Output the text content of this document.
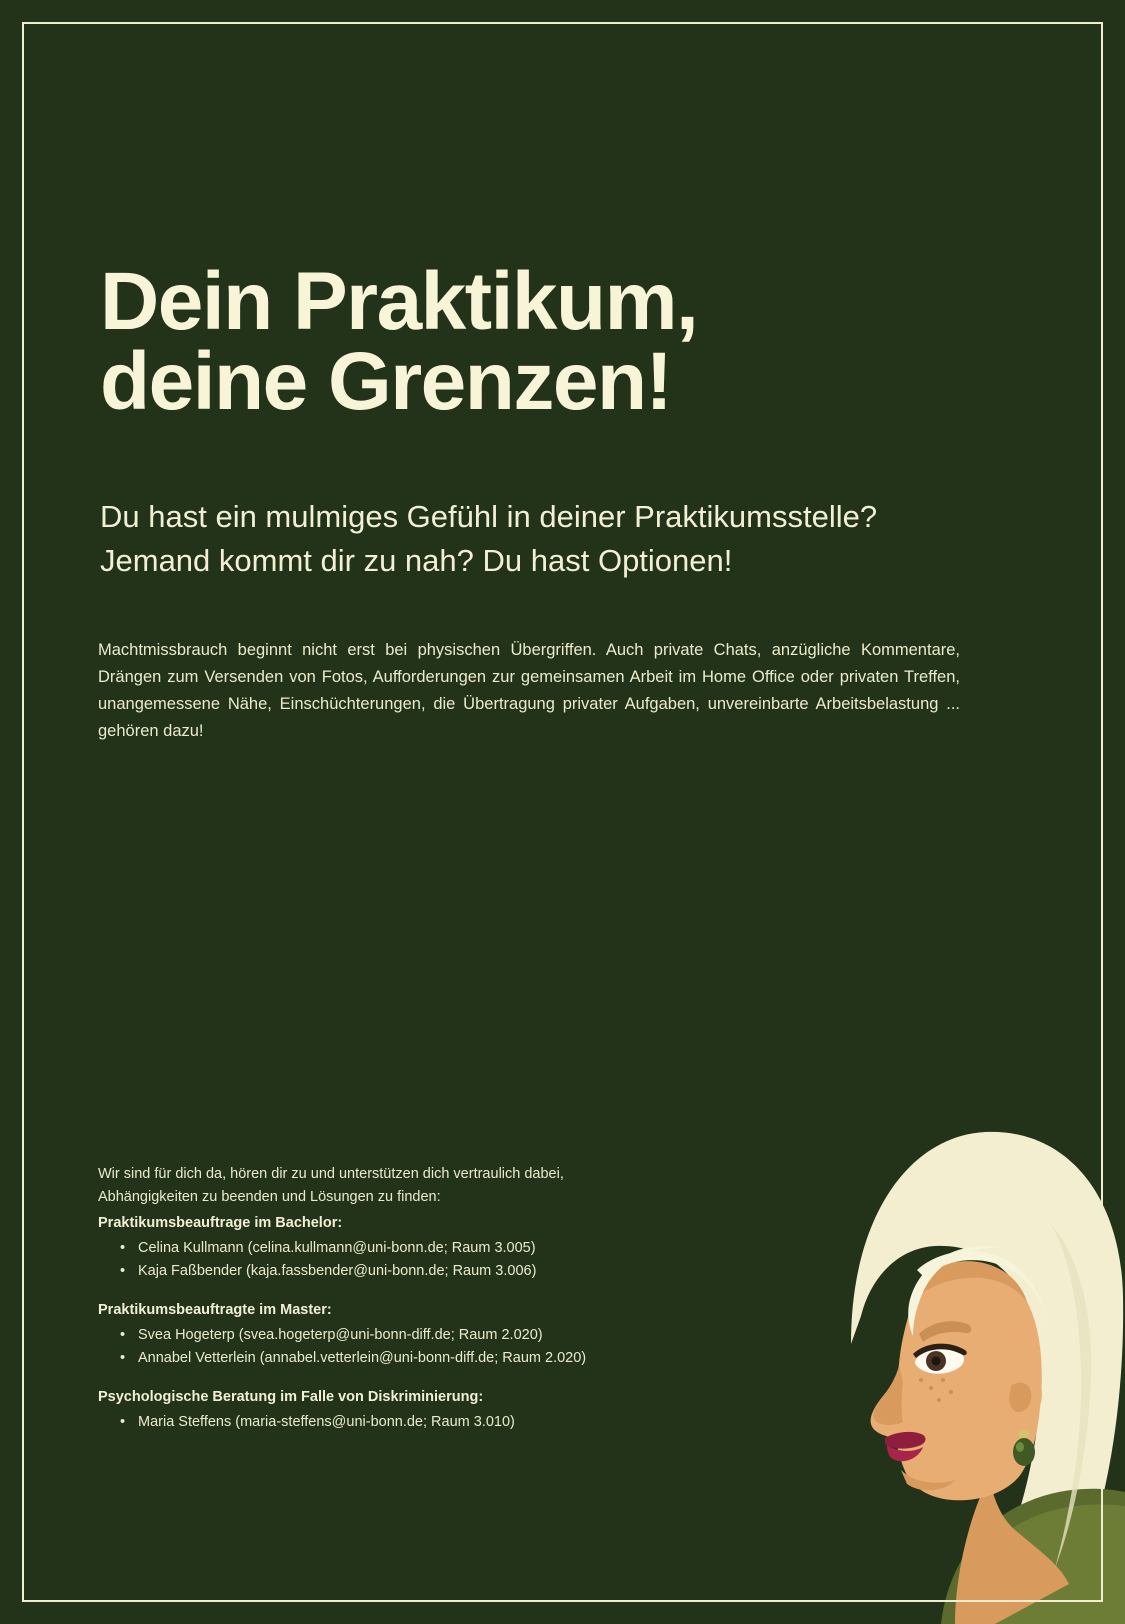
Dein Praktikum,
deine Grenzen!
Du hast ein mulmiges Gefühl in deiner Praktikumsstelle?
Jemand kommt dir zu nah? Du hast Optionen!

Machtmissbrauch beginnt nicht erst bei physischen Übergriffen. Auch private Chats, anzügliche Kommentare, Drängen zum Versenden von Fotos, Aufforderungen zur gemeinsamen Arbeit im Home Office oder privaten Treffen, unangemessene Nähe, Einschüchterungen, die Übertragung privater Aufgaben, unvereinbarte Arbeitsbelastung ... gehören dazu!

Wir sind für dich da, hören dir zu und unterstützen dich vertraulich dabei, Abhängigkeiten zu beenden und Lösungen zu finden:

Praktikumsbeauftrage im Bachelor:
• Celina Kullmann (celina.kullmann@uni-bonn.de; Raum 3.005)
• Kaja Faßbender (kaja.fassbender@uni-bonn.de; Raum 3.006)
Praktikumsbeauftragte im Master:
• Svea Hogeterp (svea.hogeterp@uni-bonn-diff.de; Raum 2.020)
• Annabel Vetterlein (annabel.vetterlein@uni-bonn-diff.de; Raum 2.020)
Psychologische Beratung im Falle von Diskriminierung:
• Maria Steffens (maria-steffens@uni-bonn.de; Raum 3.010)
